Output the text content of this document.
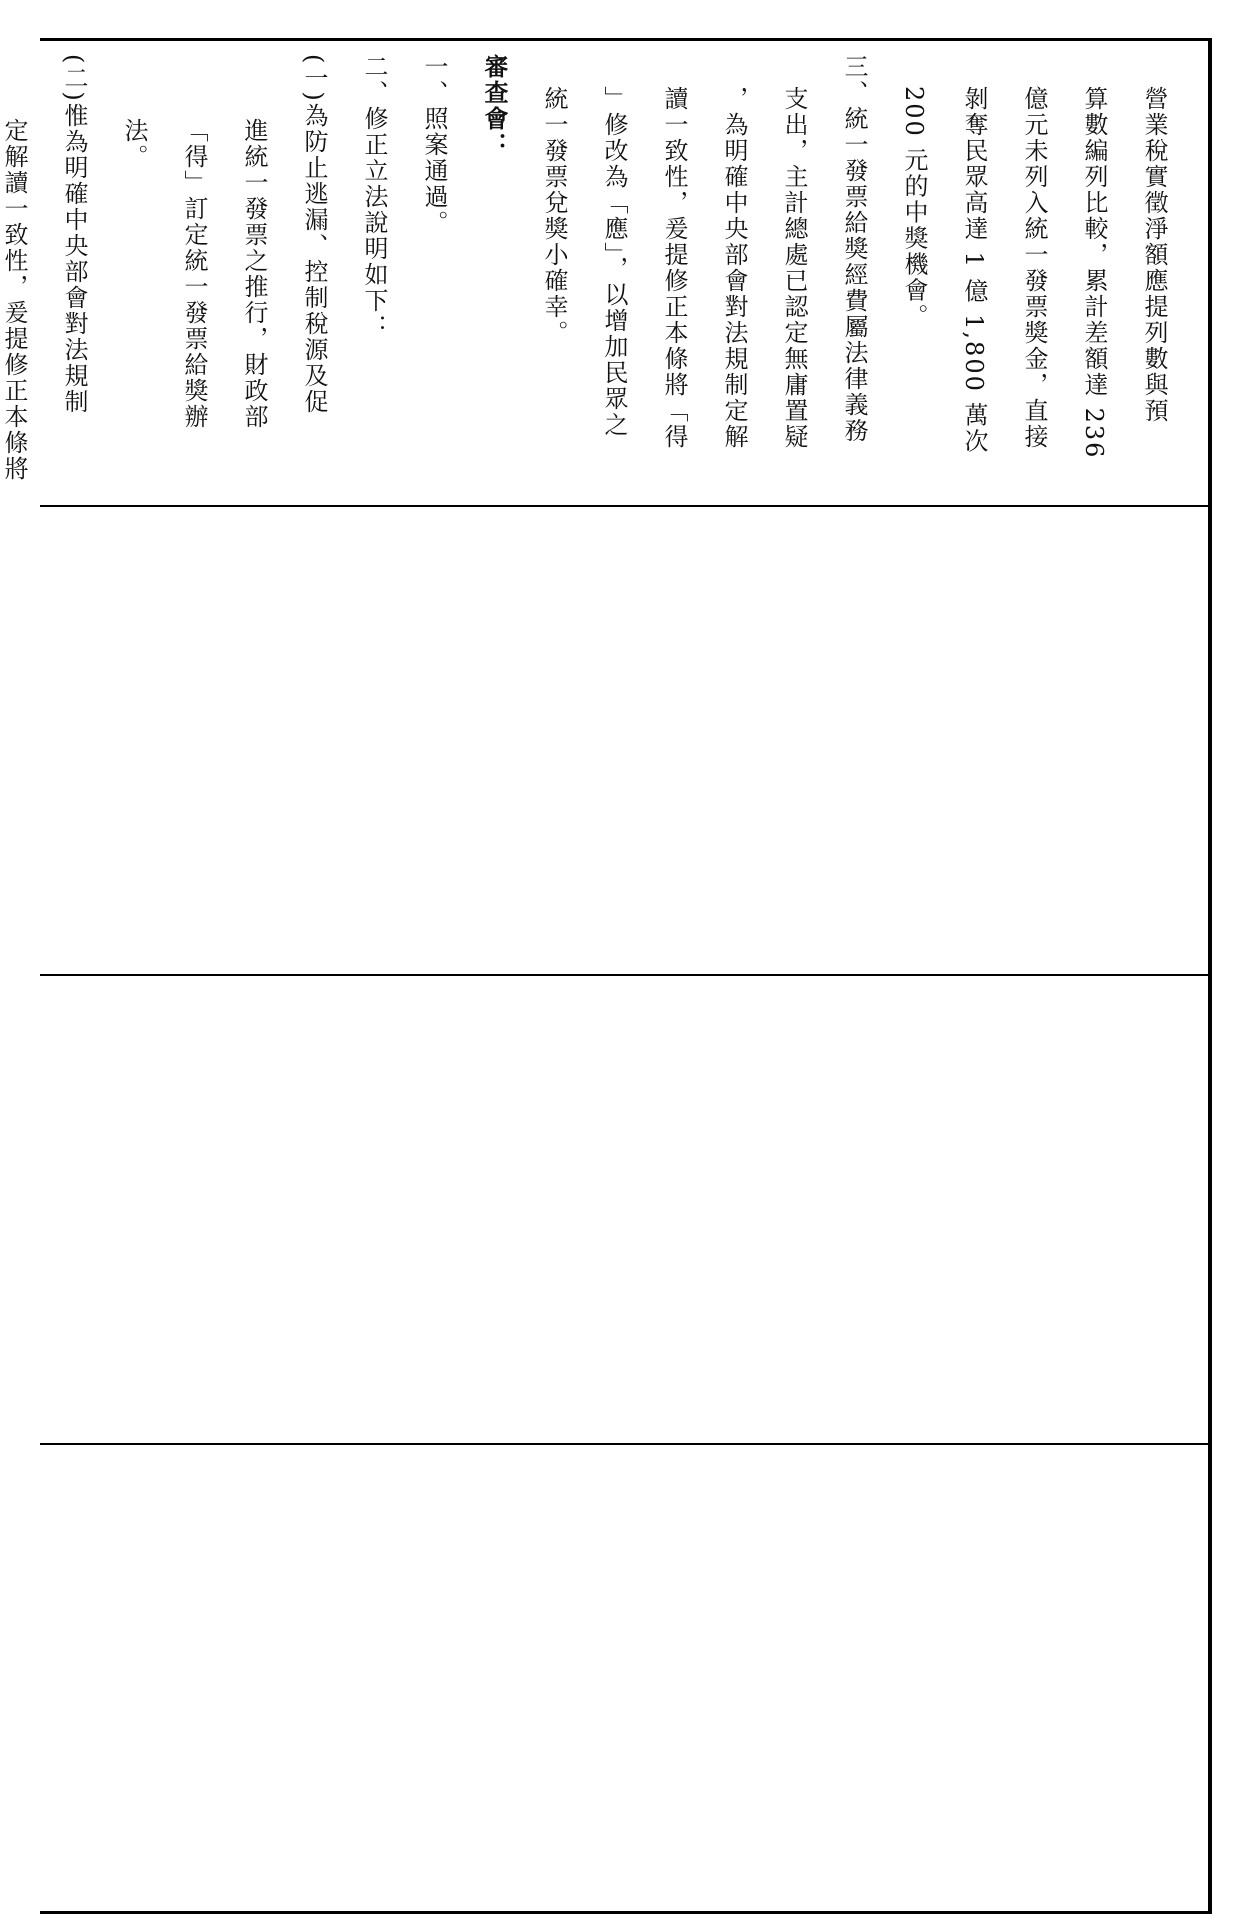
營業稅實徵淨額應提列數與預
算數編列比較，累計差額達 236
億元未列入統一發票獎金，直接
剝奪民眾高達 1 億 1,800 萬次
200 元的中獎機會。
三、統一發票給獎經費屬法律義務
支出，主計總處已認定無庸置疑
，為明確中央部會對法規制定解
讀一致性，爰提修正本條將「得
」修改為「應」，以增加民眾之
統一發票兌獎小確幸。
審查會：
一、照案通過。
二、修正立法說明如下：
(一)為防止逃漏、控制稅源及促
進統一發票之推行，財政部
「得」訂定統一發票給獎辦
法。
(二)惟為明確中央部會對法規制
定解讀一致性，爰提修正本條將
